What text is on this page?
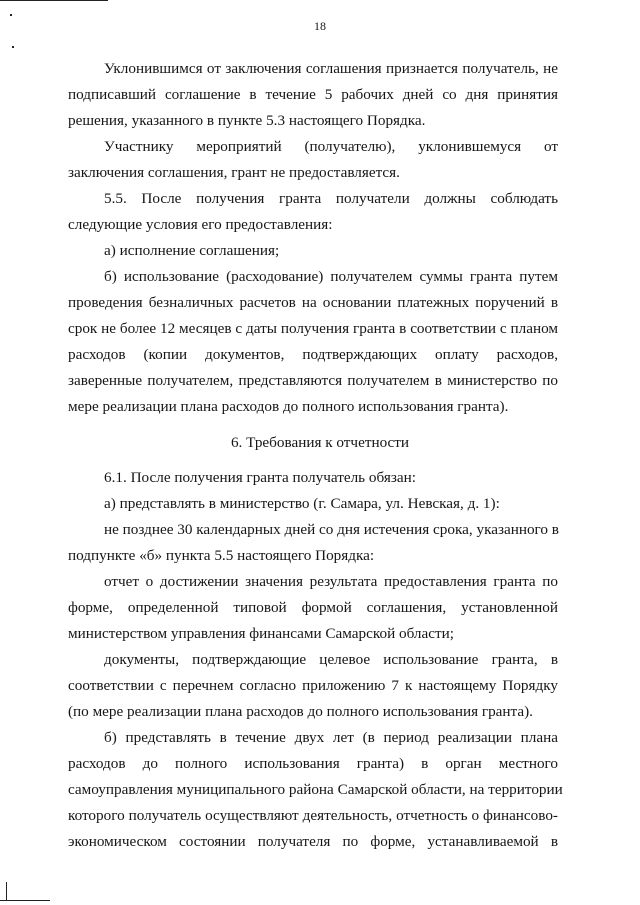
18
Уклонившимся от заключения соглашения признается получатель, не
подписавший соглашение в течение 5 рабочих дней со дня принятия
решения, указанного в пункте 5.3 настоящего Порядка.
Участнику мероприятий (получателю), уклонившемуся от
заключения соглашения, грант не предоставляется.
5.5. После получения гранта получатели должны соблюдать
следующие условия его предоставления:
а) исполнение соглашения;
б) использование (расходование) получателем суммы гранта путем
проведения безналичных расчетов на основании платежных поручений в
срок не более 12 месяцев с даты получения гранта в соответствии с планом
расходов (копии документов, подтверждающих оплату расходов,
заверенные получателем, представляются получателем в министерство по
мере реализации плана расходов до полного использования гранта).
6. Требования к отчетности
6.1. После получения гранта получатель обязан:
а) представлять в министерство (г. Самара, ул. Невская, д. 1):
не позднее 30 календарных дней со дня истечения срока, указанного в
подпункте «б» пункта 5.5 настоящего Порядка:
отчет о достижении значения результата предоставления гранта по
форме, определенной типовой формой соглашения, установленной
министерством управления финансами Самарской области;
документы, подтверждающие целевое использование гранта, в
соответствии с перечнем согласно приложению 7 к настоящему Порядку
(по мере реализации плана расходов до полного использования гранта).
б) представлять в течение двух лет (в период реализации плана
расходов до полного использования гранта) в орган местного
самоуправления муниципального района Самарской области, на территории
которого получатель осуществляют деятельность, отчетность о финансово-
экономическом состоянии получателя по форме, устанавливаемой в
